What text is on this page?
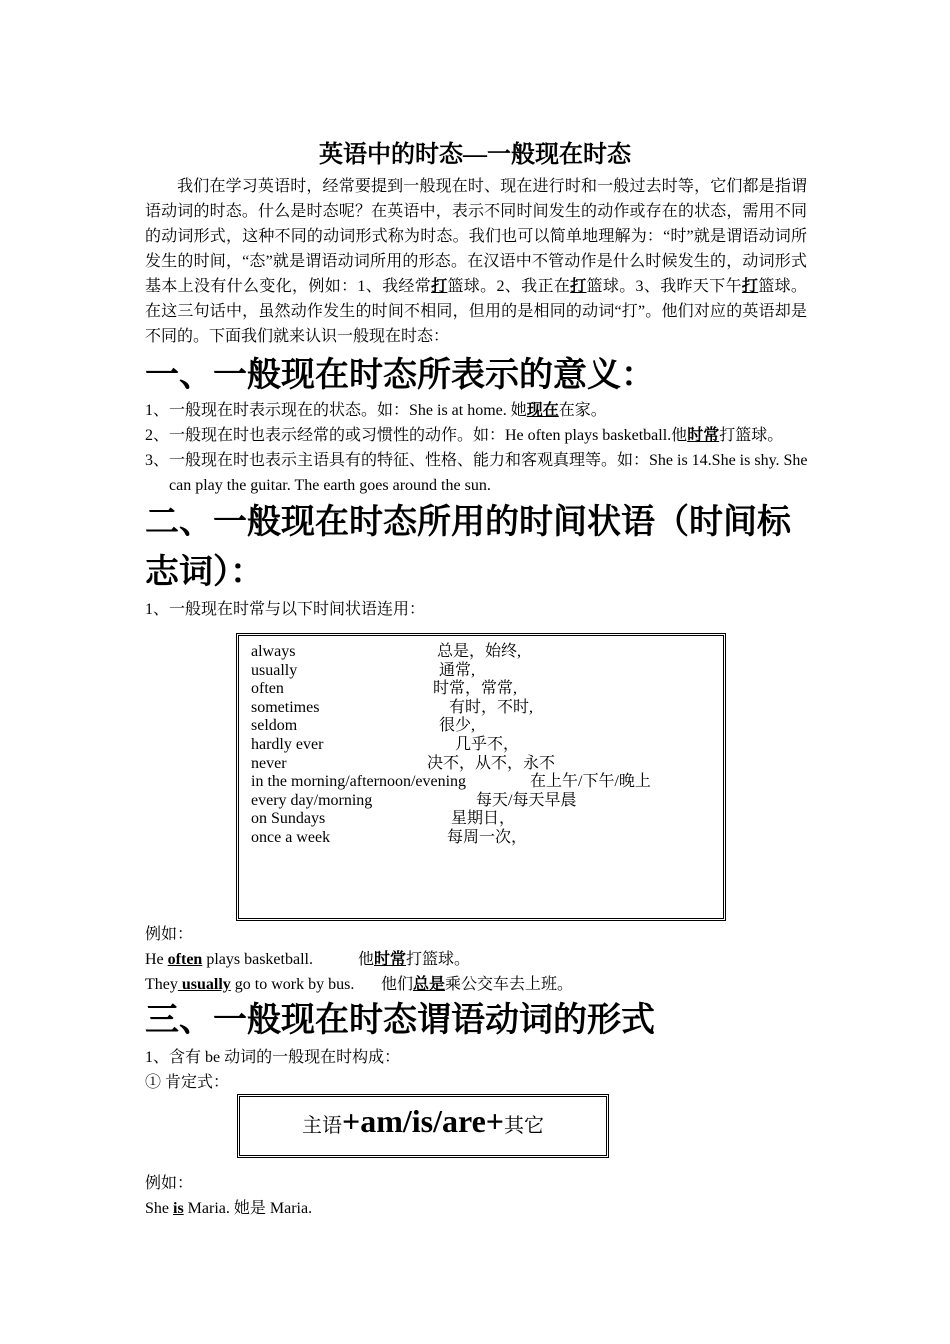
英语中的时态—一般现在时态
我们在学习英语时，经常要提到一般现在时、现在进行时和一般过去时等，它们都是指谓语动词的时态。什么是时态呢？在英语中，表示不同时间发生的动作或存在的状态，需用不同的动词形式，这种不同的动词形式称为时态。我们也可以简单地理解为：“时”就是谓语动词所发生的时间，“态”就是谓语动词所用的形态。在汉语中不管动作是什么时候发生的，动词形式基本上没有什么变化，例如：1、我经常打篮球。2、我正在打篮球。3、我昨天下午打篮球。在这三句话中，虽然动作发生的时间不相同，但用的是相同的动词“打”。他们对应的英语却是不同的。下面我们就来认识一般现在时态：
一、一般现在时态所表示的意义：
1、一般现在时表示现在的状态。如：She is at home. 她现在在家。
2、一般现在时也表示经常的或习惯性的动作。如：He often plays basketball.他时常打篮球。
3、一般现在时也表示主语具有的特征、性格、能力和客观真理等。如：She is 14.She is shy. She can play the guitar. The earth goes around the sun.
二、一般现在时态所用的时间状语（时间标
志词）：
1、一般现在时常与以下时间状语连用：
always	总是，始终,
usually	通常,
often	时常，常常,
sometimes	有时，不时,
seldom	很少,
hardly ever	几乎不，
never	决不，从不，永不
in the morning/afternoon/evening	在上午/下午/晚上
every day/morning	每天/每天早晨
on Sundays	星期日，
once a week	每周一次，
例如：
He often plays basketball.	他时常打篮球。
They usually go to work by bus. 他们总是乘公交车去上班。
三、一般现在时态谓语动词的形式
1、含有 be 动词的一般现在时构成：
① 肯定式：
主语+am/is/are+其它
例如：
She is Maria. 她是 Maria.
